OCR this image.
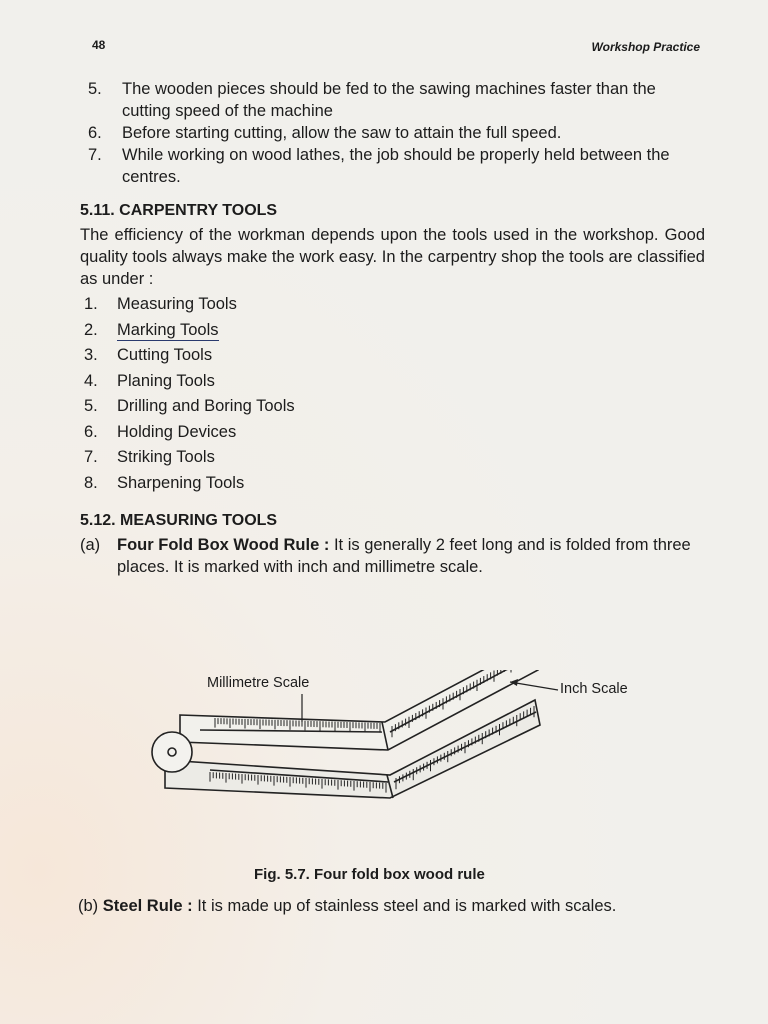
48	Workshop Practice
5. The wooden pieces should be fed to the sawing machines faster than the cutting speed of the machine
6. Before starting cutting, allow the saw to attain the full speed.
7. While working on wood lathes, the job should be properly held between the centres.
5.11. CARPENTRY TOOLS
The efficiency of the workman depends upon the tools used in the workshop. Good quality tools always make the work easy. In the carpentry shop the tools are classified as under :
1. Measuring Tools
2. Marking Tools
3. Cutting Tools
4. Planing Tools
5. Drilling and Boring Tools
6. Holding Devices
7. Striking Tools
8. Sharpening Tools
5.12. MEASURING TOOLS
(a) Four Fold Box Wood Rule : It is generally 2 feet long and is folded from three places. It is marked with inch and millimetre scale.
Millimetre Scale	Inch Scale
Fig. 5.7. Four fold box wood rule
(b) Steel Rule : It is made up of stainless steel and is marked with scales.
